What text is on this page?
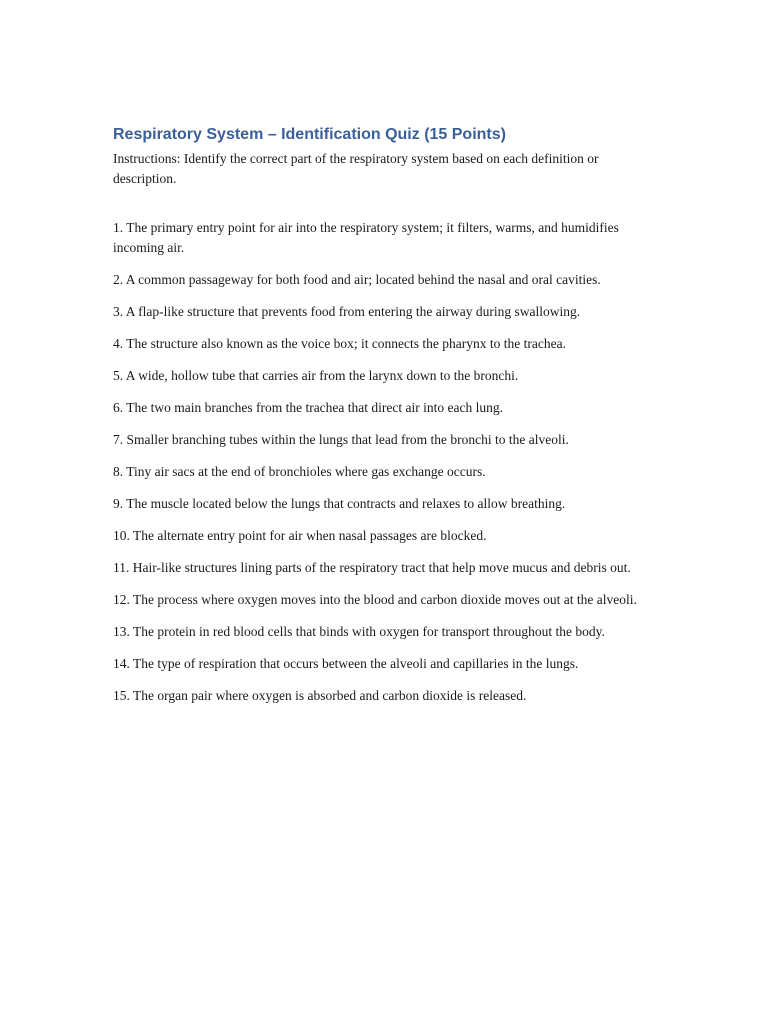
Respiratory System – Identification Quiz (15 Points)

Instructions: Identify the correct part of the respiratory system based on each definition or description.

1. The primary entry point for air into the respiratory system; it filters, warms, and humidifies incoming air.
2. A common passageway for both food and air; located behind the nasal and oral cavities.
3. A flap-like structure that prevents food from entering the airway during swallowing.
4. The structure also known as the voice box; it connects the pharynx to the trachea.
5. A wide, hollow tube that carries air from the larynx down to the bronchi.
6. The two main branches from the trachea that direct air into each lung.
7. Smaller branching tubes within the lungs that lead from the bronchi to the alveoli.
8. Tiny air sacs at the end of bronchioles where gas exchange occurs.
9. The muscle located below the lungs that contracts and relaxes to allow breathing.
10. The alternate entry point for air when nasal passages are blocked.
11. Hair-like structures lining parts of the respiratory tract that help move mucus and debris out.
12. The process where oxygen moves into the blood and carbon dioxide moves out at the alveoli.
13. The protein in red blood cells that binds with oxygen for transport throughout the body.
14. The type of respiration that occurs between the alveoli and capillaries in the lungs.
15. The organ pair where oxygen is absorbed and carbon dioxide is released.
